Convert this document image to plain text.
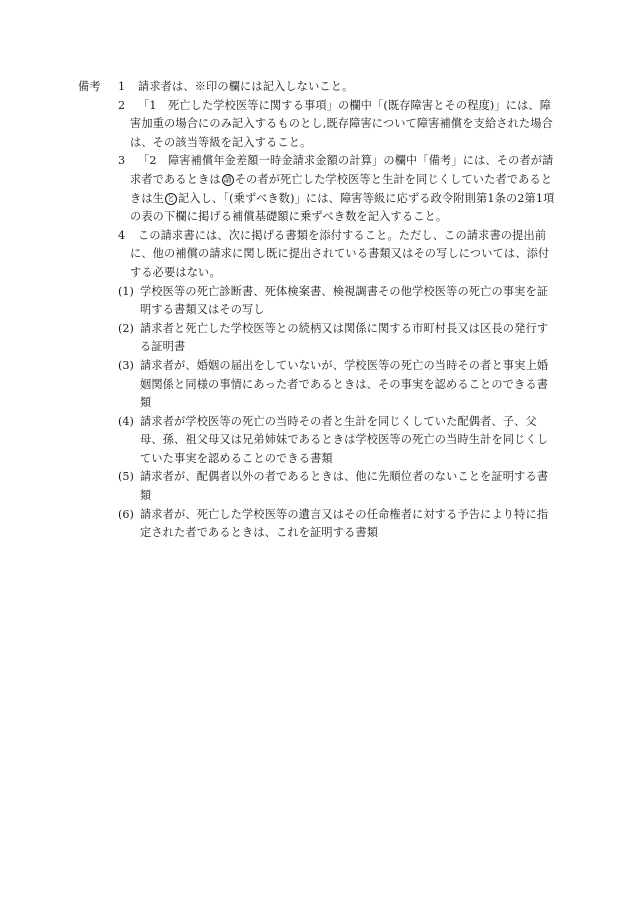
備考	1 請求者は、※印の欄には記入しないこと。

2 「1　死亡した学校医等に関する事項」の欄中「(既存障害とその程度)」には、障害加重の場合にのみ記入するものとし,既存障害について障害補償を支給された場合は、その該当等級を記入すること。

3 「2　障害補償年金差額一時金請求金額の計算」の欄中「備考」には、その者が請求者であるときは 請 その者が死亡した学校医等と生計を同じくしていた者であるときは生 と 記入し、「(乗ずべき数)」には、障害等級に応ずる政令附則第1条の2第1項の表の下欄に掲げる補償基礎額に乗ずべき数を記入すること。

4 この請求書には、次に掲げる書類を添付すること。ただし、この請求書の提出前に、他の補償の請求に関し既に提出されている書類又はその写しについては、添付する必要はない。

(1) 学校医等の死亡診断書、死体検案書、検視調書その他学校医等の死亡の事実を証明する書類又はその写し

(2) 請求者と死亡した学校医等との続柄又は関係に関する市町村長又は区長の発行する証明書

(3) 請求者が、婚姻の届出をしていないが、学校医等の死亡の当時その者と事実上婚姻関係と同様の事情にあった者であるときは、その事実を認めることのできる書類

(4) 請求者が学校医等の死亡の当時その者と生計を同じくしていた配偶者、子、父母、孫、祖父母又は兄弟姉妹であるときは学校医等の死亡の当時生計を同じくしていた事実を認めることのできる書類

(5) 請求者が、配偶者以外の者であるときは、他に先順位者のないことを証明する書類

(6) 請求者が、死亡した学校医等の遺言又はその任命権者に対する予告により特に指定された者であるときは、これを証明する書類
